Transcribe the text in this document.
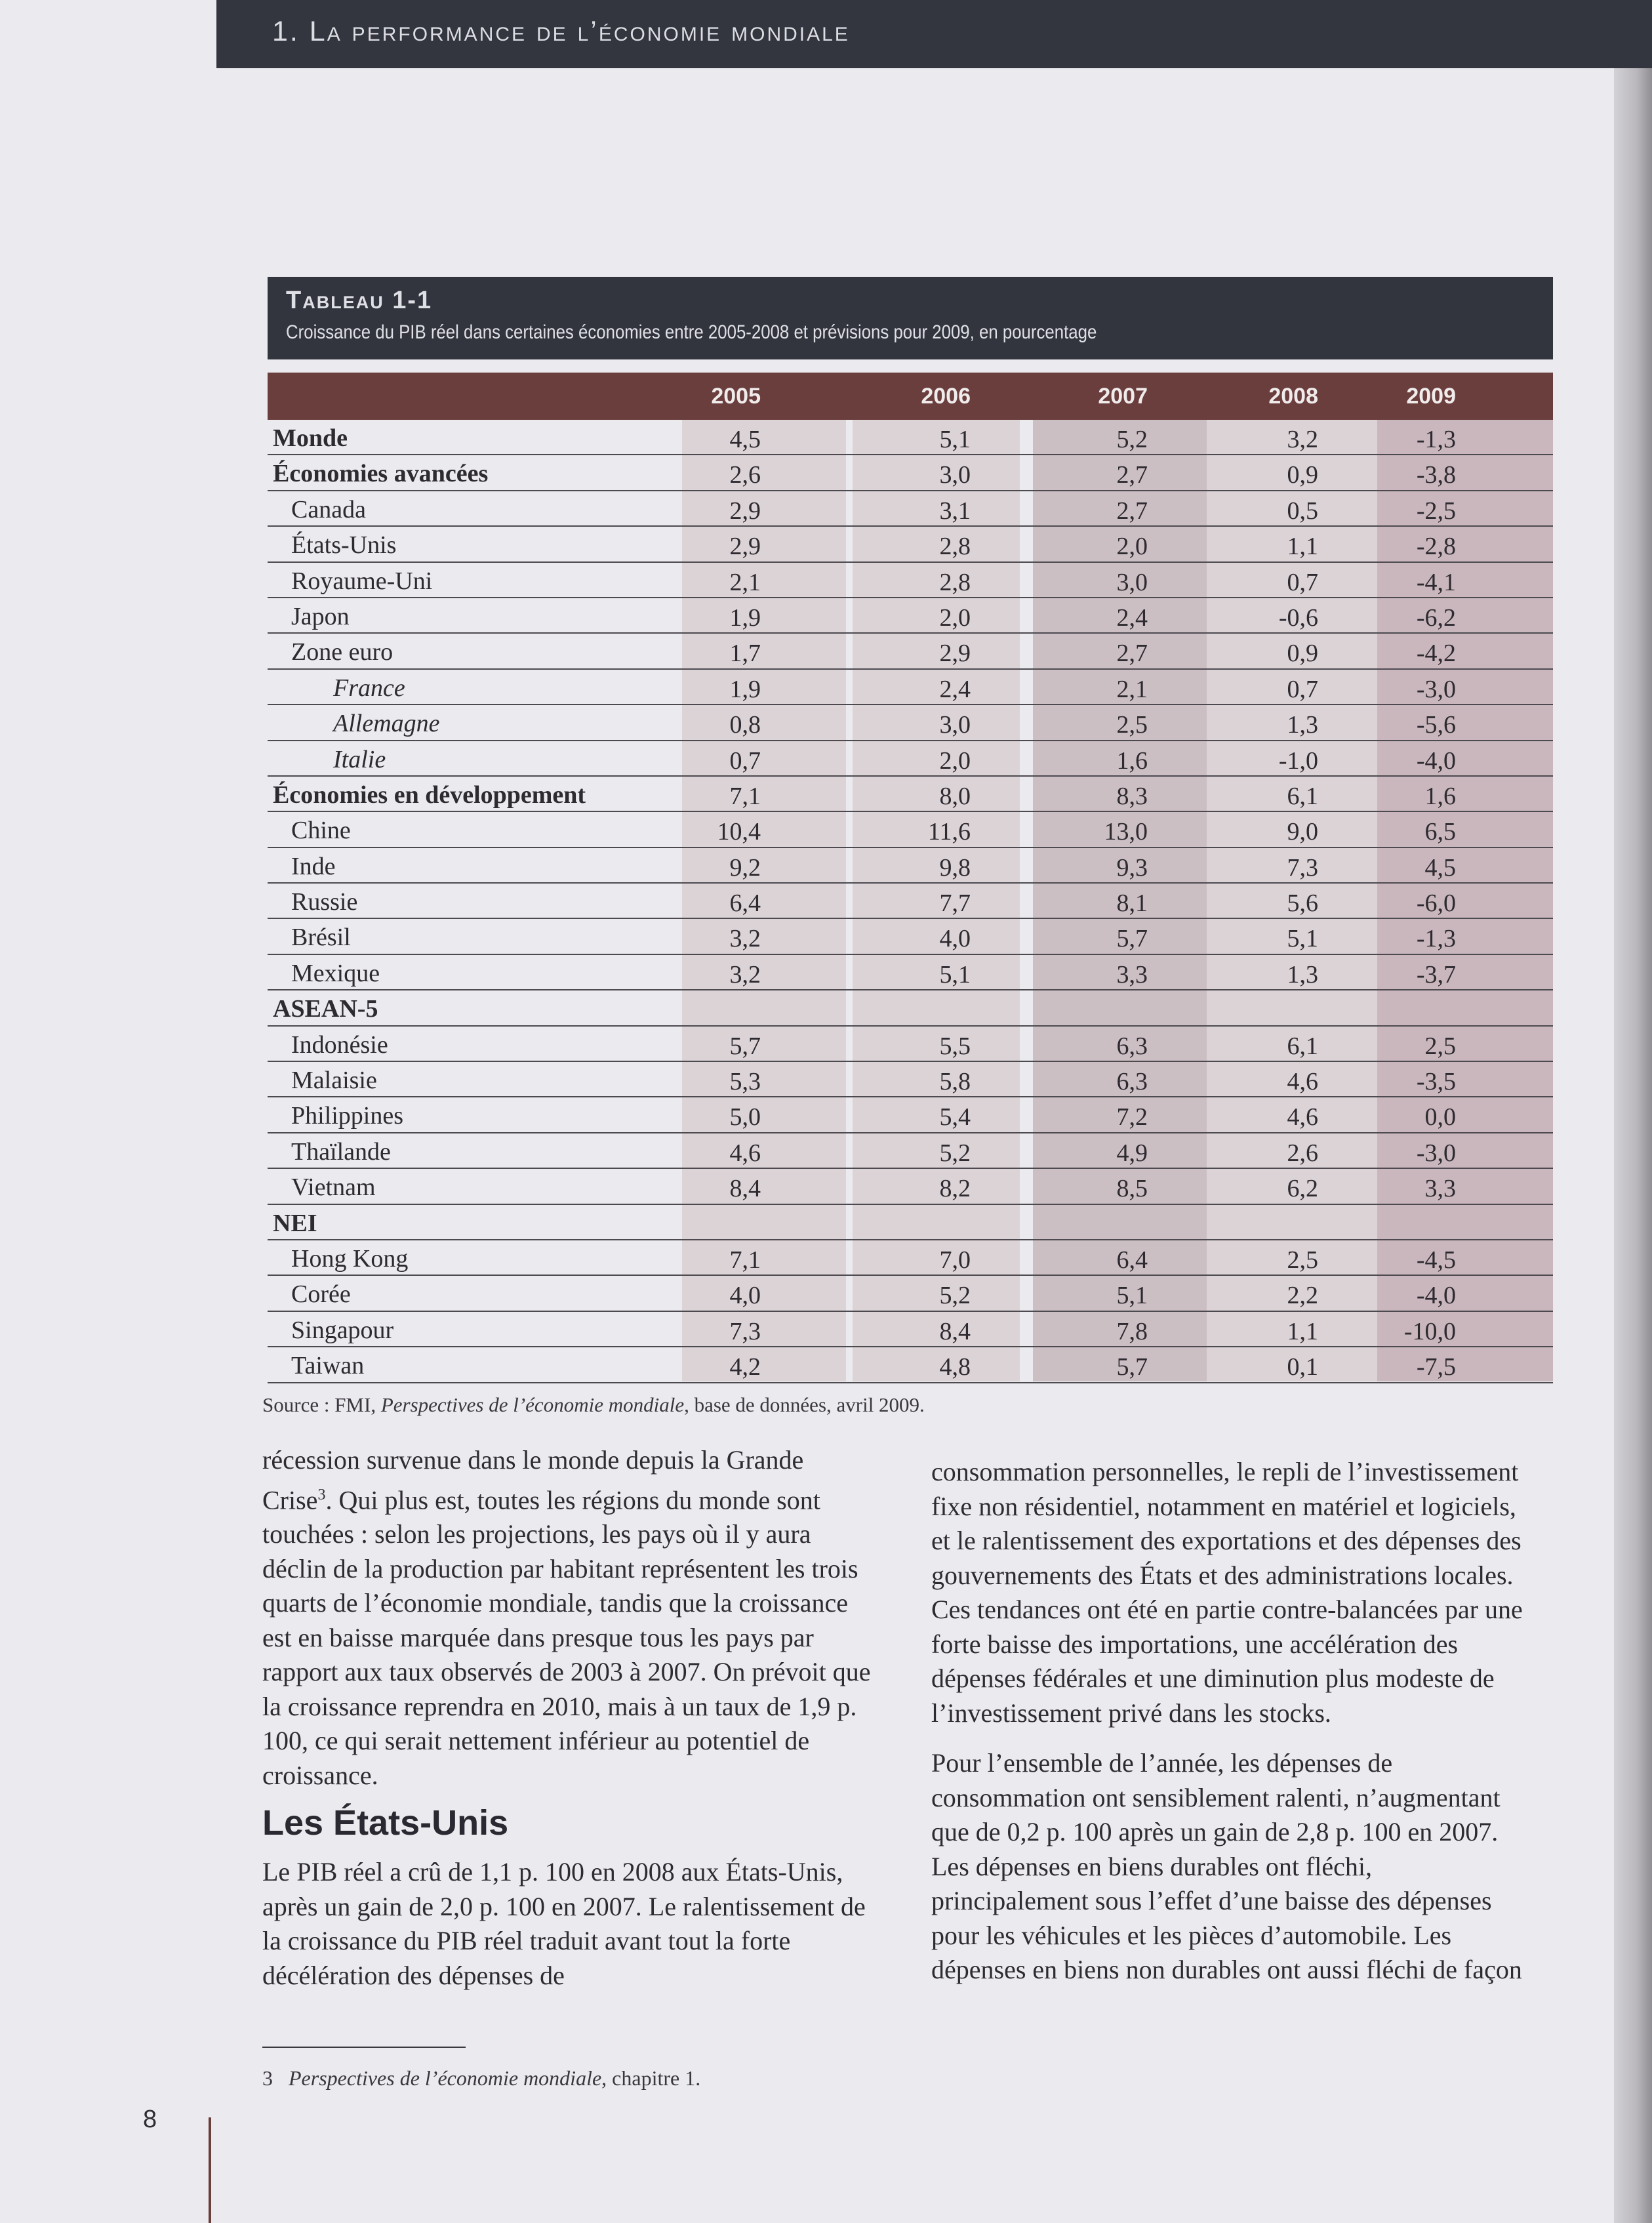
1. La performance de l’économie mondiale
Tableau 1-1
Croissance du PIB réel dans certaines économies entre 2005-2008 et prévisions pour 2009, en pourcentage
2005	2006	2007	2008	2009
Monde	4,5	5,1	5,2	3,2	-1,3
Économies avancées	2,6	3,0	2,7	0,9	-3,8
Canada	2,9	3,1	2,7	0,5	-2,5
États-Unis	2,9	2,8	2,0	1,1	-2,8
Royaume-Uni	2,1	2,8	3,0	0,7	-4,1
Japon	1,9	2,0	2,4	-0,6	-6,2
Zone euro	1,7	2,9	2,7	0,9	-4,2
France	1,9	2,4	2,1	0,7	-3,0
Allemagne	0,8	3,0	2,5	1,3	-5,6
Italie	0,7	2,0	1,6	-1,0	-4,0
Économies en développement	7,1	8,0	8,3	6,1	1,6
Chine	10,4	11,6	13,0	9,0	6,5
Inde	9,2	9,8	9,3	7,3	4,5
Russie	6,4	7,7	8,1	5,6	-6,0
Brésil	3,2	4,0	5,7	5,1	-1,3
Mexique	3,2	5,1	3,3	1,3	-3,7
ASEAN-5
Indonésie	5,7	5,5	6,3	6,1	2,5
Malaisie	5,3	5,8	6,3	4,6	-3,5
Philippines	5,0	5,4	7,2	4,6	0,0
Thaïlande	4,6	5,2	4,9	2,6	-3,0
Vietnam	8,4	8,2	8,5	6,2	3,3
NEI
Hong Kong	7,1	7,0	6,4	2,5	-4,5
Corée	4,0	5,2	5,1	2,2	-4,0
Singapour	7,3	8,4	7,8	1,1	-10,0
Taiwan	4,2	4,8	5,7	0,1	-7,5
Source : FMI, Perspectives de l’économie mondiale, base de données, avril 2009.

récession survenue dans le monde depuis la Grande Crise$^3$. Qui plus est, toutes les régions du monde sont touchées : selon les projections, les pays où il y aura déclin de la production par habitant représentent les trois quarts de l’économie mondiale, tandis que la croissance est en baisse marquée dans presque tous les pays par rapport aux taux observés de 2003 à 2007. On prévoit que la croissance reprendra en 2010, mais à un taux de 1,9 p. 100, ce qui serait nettement inférieur au potentiel de croissance.

Les États-Unis

Le PIB réel a crû de 1,1 p. 100 en 2008 aux États-Unis, après un gain de 2,0 p. 100 en 2007. Le ralentissement de la croissance du PIB réel traduit avant tout la forte décélération des dépenses de

consommation personnelles, le repli de l’investissement fixe non résidentiel, notamment en matériel et logiciels, et le ralentissement des exportations et des dépenses des gouvernements des États et des administrations locales. Ces tendances ont été en partie contre-balancées par une forte baisse des importations, une accélération des dépenses fédérales et une diminution plus modeste de l’investissement privé dans les stocks.

Pour l’ensemble de l’année, les dépenses de consommation ont sensiblement ralenti, n’augmentant que de 0,2 p. 100 après un gain de 2,8 p. 100 en 2007. Les dépenses en biens durables ont fléchi, principalement sous l’effet d’une baisse des dépenses pour les véhicules et les pièces d’automobile. Les dépenses en biens non durables ont aussi fléchi de façon

3 Perspectives de l’économie mondiale, chapitre 1.
8
